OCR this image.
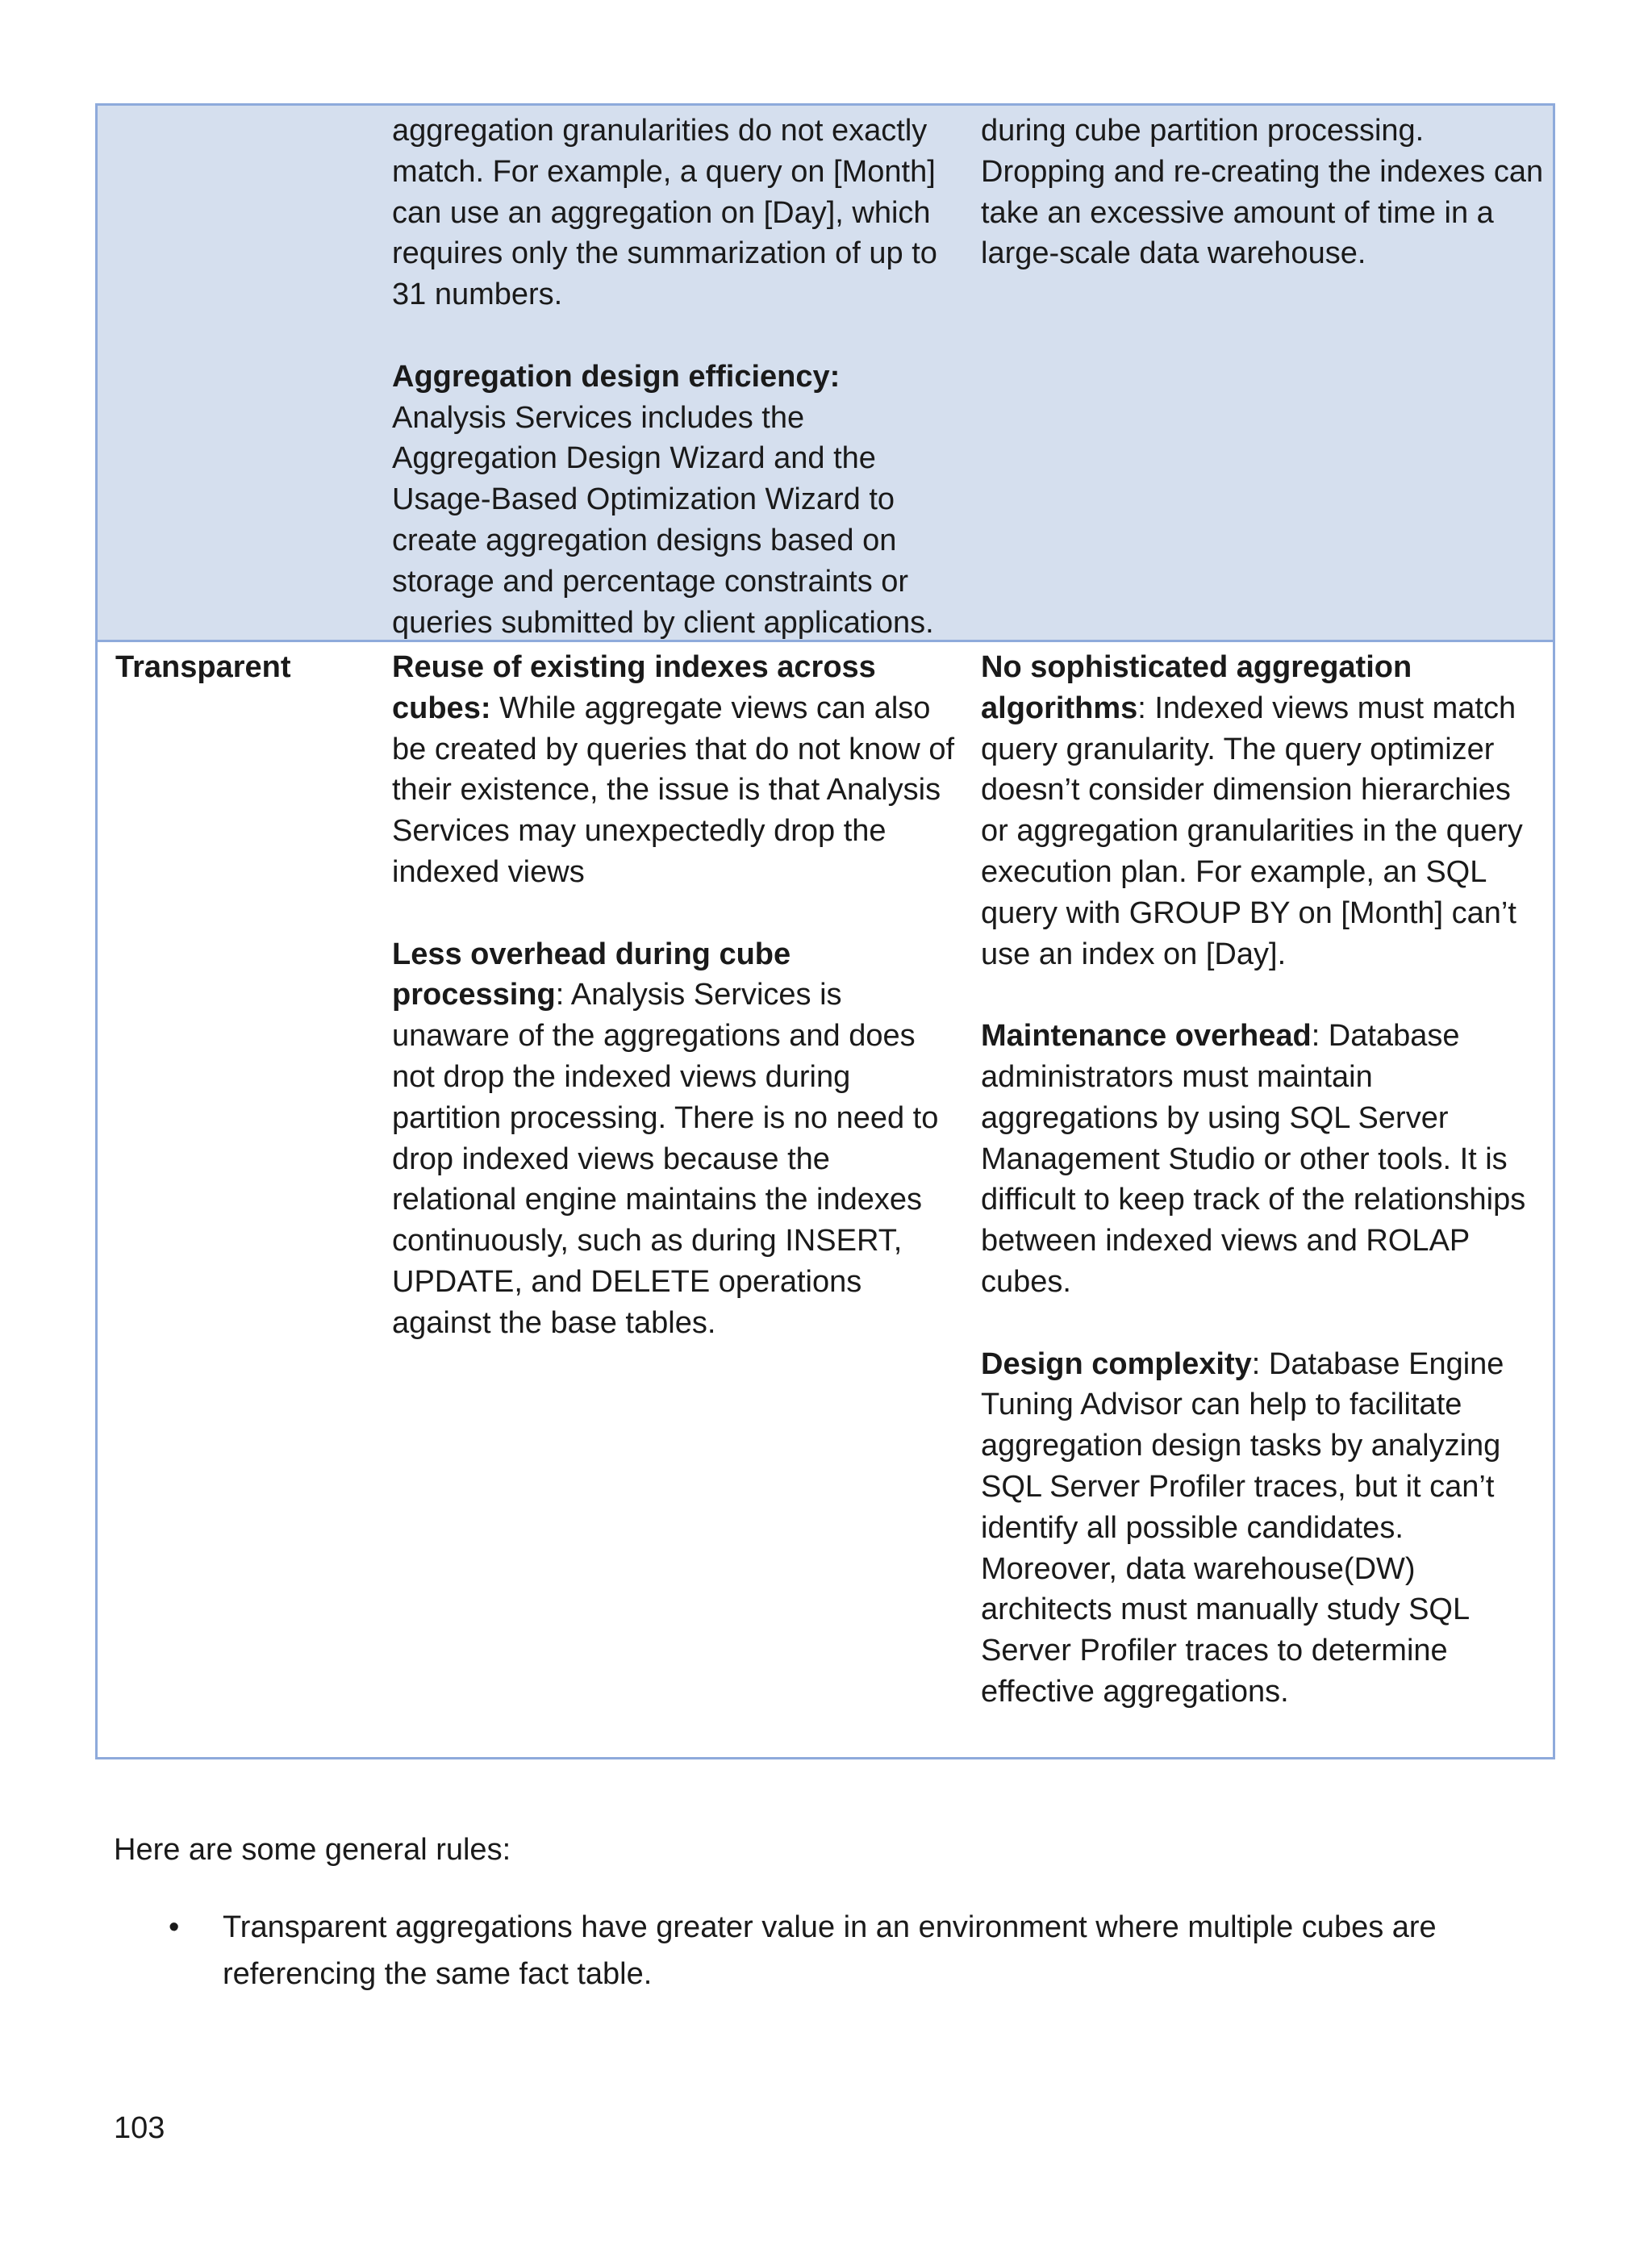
aggregation granularities do not exactly match. For example, a query on [Month] can use an aggregation on [Day], which requires only the summarization of up to 31 numbers.

Aggregation design efficiency: Analysis Services includes the Aggregation Design Wizard and the Usage-Based Optimization Wizard to create aggregation designs based on storage and percentage constraints or queries submitted by client applications.

during cube partition processing. Dropping and re-creating the indexes can take an excessive amount of time in a large-scale data warehouse.

Transparent	Reuse of existing indexes across cubes: While aggregate views can also be created by queries that do not know of their existence, the issue is that Analysis Services may unexpectedly drop the indexed views

Less overhead during cube processing: Analysis Services is unaware of the aggregations and does not drop the indexed views during partition processing. There is no need to drop indexed views because the relational engine maintains the indexes continuously, such as during INSERT, UPDATE, and DELETE operations against the base tables.

No sophisticated aggregation algorithms: Indexed views must match query granularity. The query optimizer doesn’t consider dimension hierarchies or aggregation granularities in the query execution plan. For example, an SQL query with GROUP BY on [Month] can’t use an index on [Day].

Maintenance overhead: Database administrators must maintain aggregations by using SQL Server Management Studio or other tools. It is difficult to keep track of the relationships between indexed views and ROLAP cubes.

Design complexity: Database Engine Tuning Advisor can help to facilitate aggregation design tasks by analyzing SQL Server Profiler traces, but it can’t identify all possible candidates. Moreover, data warehouse(DW) architects must manually study SQL Server Profiler traces to determine effective aggregations.

Here are some general rules:

• Transparent aggregations have greater value in an environment where multiple cubes are referencing the same fact table.

103
